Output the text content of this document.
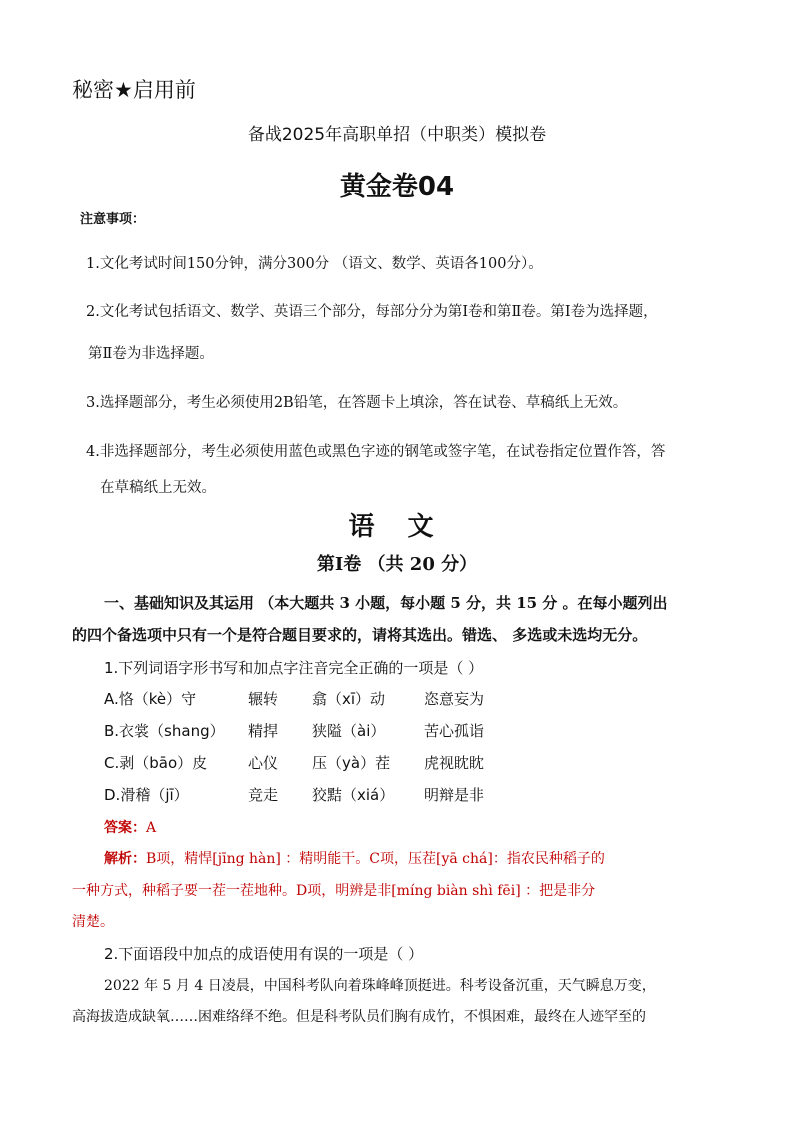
秘密★启用前
备战2025年高职单招（中职类）模拟卷
黄金卷04
注意事项：
1.文化考试时间150分钟，满分300分 （语文、数学、英语各100分）。
2.文化考试包括语文、数学、英语三个部分，每部分分为第Ⅰ卷和第Ⅱ卷。第Ⅰ卷为选择题，
第Ⅱ卷为非选择题。
3.选择题部分，考生必须使用2B铅笔，在答题卡上填涂，答在试卷、草稿纸上无效。
4.非选择题部分，考生必须使用蓝色或黑色字迹的钢笔或签字笔，在试卷指定位置作答，答
在草稿纸上无效。
语 文
第Ⅰ卷 （共 20 分）
一、基础知识及其运用 （本大题共 3 小题，每小题 5 分，共 15 分 。在每小题列出
的四个备选项中只有一个是符合题目要求的，请将其选出。错选、 多选或未选均无分。
1.下列词语字形书写和加点字注音完全正确的一项是（ ）
A.恪（kè）守	辗转 翕（xī）动	恣意妄为
B.衣裳（shang） 精捍 狭隘（ài）	苦心孤诣
C.剥（bāo）皮	心仪 压（yà）茬 虎视眈眈
D.滑稽（jī）	竞走 狡黠（xiá） 明辩是非
答案：A
解析：B项，精悍[jīng hàn] ：精明能干。C项，压茬[yā chá]：指农民种稻子的
一种方式，种稻子要一茬一茬地种。D项，明辨是非[míng biàn shì fēi] ：把是非分
清楚。
2.下面语段中加点的成语使用有误的一项是（ ）
2022 年 5 月 4 日凌晨，中国科考队向着珠峰峰顶挺进。科考设备沉重，天气瞬息万变，
高海拔造成缺氧……困难络绎不绝。但是科考队员们胸有成竹，不惧困难，最终在人迹罕至的
